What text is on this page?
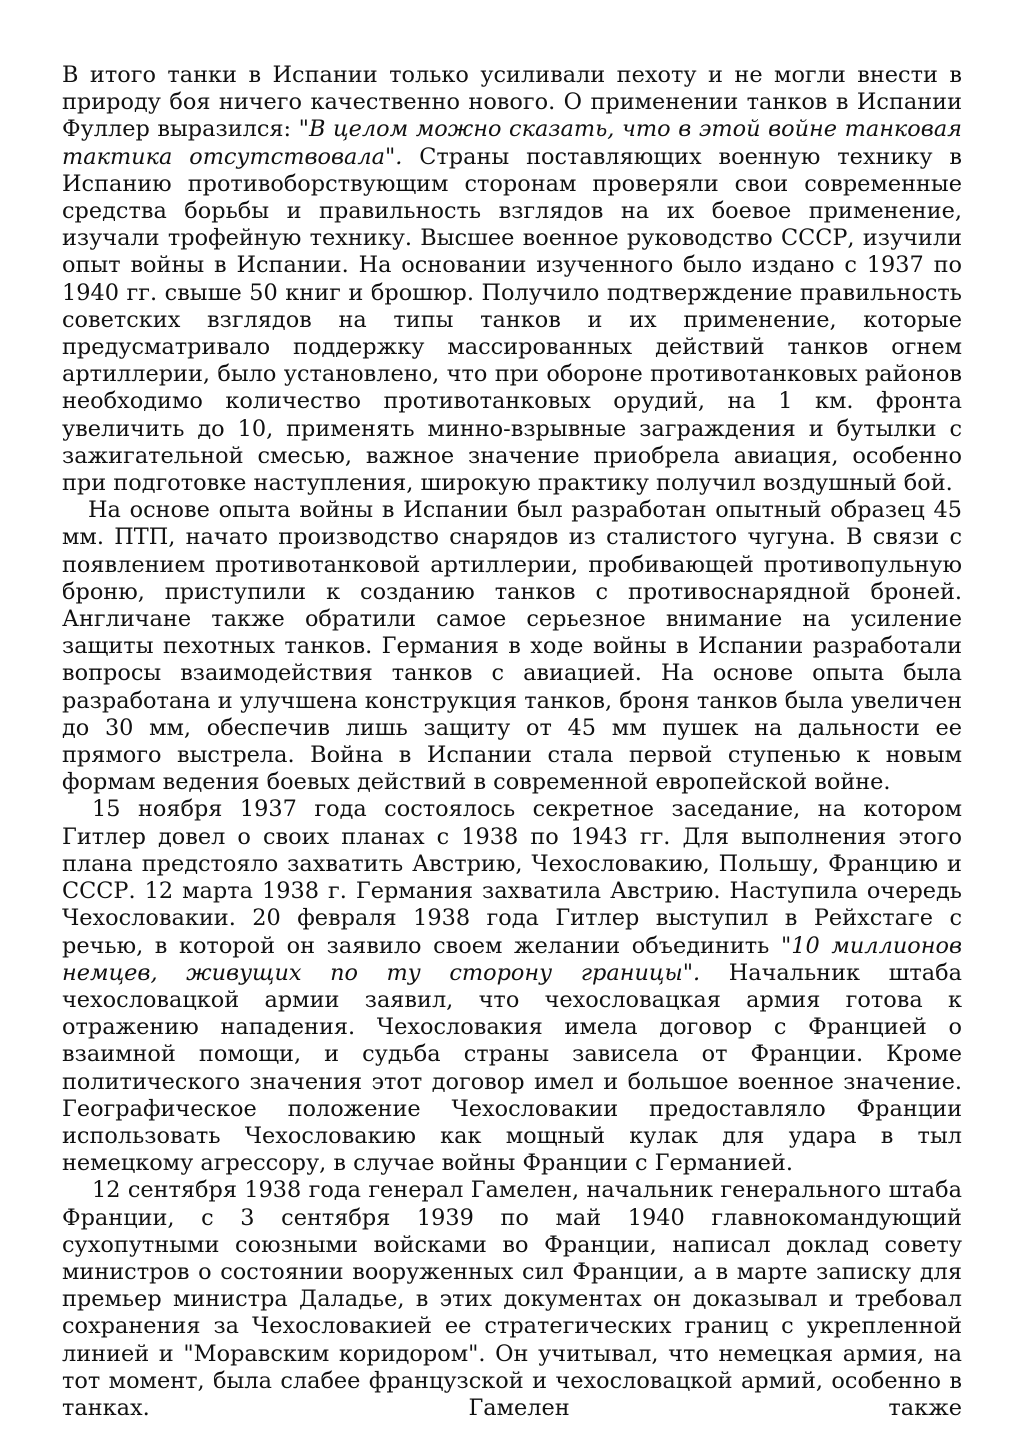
В итого танки в Испании только усиливали пехоту и не могли внести в природу боя ничего качественно нового. О применении танков в Испании Фуллер выразился: "В целом можно сказать, что в этой войне танковая тактика отсутствовала". Страны поставляющих военную технику в Испанию противоборствующим сторонам проверяли свои современные средства борьбы и правильность взглядов на их боевое применение, изучали трофейную технику. Высшее военное руководство СССР, изучили опыт войны в Испании. На основании изученного было издано с 1937 по 1940 гг. свыше 50 книг и брошюр. Получило подтверждение правильность советских взглядов на типы танков и их применение, которые предусматривало поддержку массированных действий танков огнем артиллерии, было установлено, что при обороне противотанковых районов необходимо количество противотанковых орудий, на 1 км. фронта увеличить до 10, применять минно-взрывные заграждения и бутылки с зажигательной смесью, важное значение приобрела авиация, особенно при подготовке наступления, широкую практику получил воздушный бой.

На основе опыта войны в Испании был разработан опытный образец 45 мм. ПТП, начато производство снарядов из сталистого чугуна. В связи с появлением противотанковой артиллерии, пробивающей противопульную броню, приступили к созданию танков с противоснарядной броней. Англичане также обратили самое серьезное внимание на усиление защиты пехотных танков. Германия в ходе войны в Испании разработали вопросы взаимодействия танков с авиацией. На основе опыта была разработана и улучшена конструкция танков, броня танков была увеличен до 30 мм, обеспечив лишь защиту от 45 мм пушек на дальности ее прямого выстрела. Война в Испании стала первой ступенью к новым формам ведения боевых действий в современной европейской войне.

15 ноября 1937 года состоялось секретное заседание, на котором Гитлер довел о своих планах с 1938 по 1943 гг. Для выполнения этого плана предстояло захватить Австрию, Чехословакию, Польшу, Францию и СССР. 12 марта 1938 г. Германия захватила Австрию. Наступила очередь Чехословакии. 20 февраля 1938 года Гитлер выступил в Рейхстаге с речью, в которой он заявило своем желании объединить "10 миллионов немцев, живущих по ту сторону границы". Начальник штаба чехословацкой армии заявил, что чехословацкая армия готова к отражению нападения. Чехословакия имела договор с Францией о взаимной помощи, и судьба страны зависела от Франции. Кроме политического значения этот договор имел и большое военное значение. Географическое положение Чехословакии предоставляло Франции использовать Чехословакию как мощный кулак для удара в тыл немецкому агрессору, в случае войны Франции с Германией.

12 сентября 1938 года генерал Гамелен, начальник генерального штаба Франции, с 3 сентября 1939 по май 1940 главнокомандующий сухопутными союзными войсками во Франции, написал доклад совету министров о состоянии вооруженных сил Франции, а в марте записку для премьер министра Даладье, в этих документах он доказывал и требовал сохранения за Чехословакией ее стратегических границ с укрепленной линией и "Моравским коридором". Он учитывал, что немецкая армия, на тот момент, была слабее французской и чехословацкой армий, особенно в танках. Гамелен также
